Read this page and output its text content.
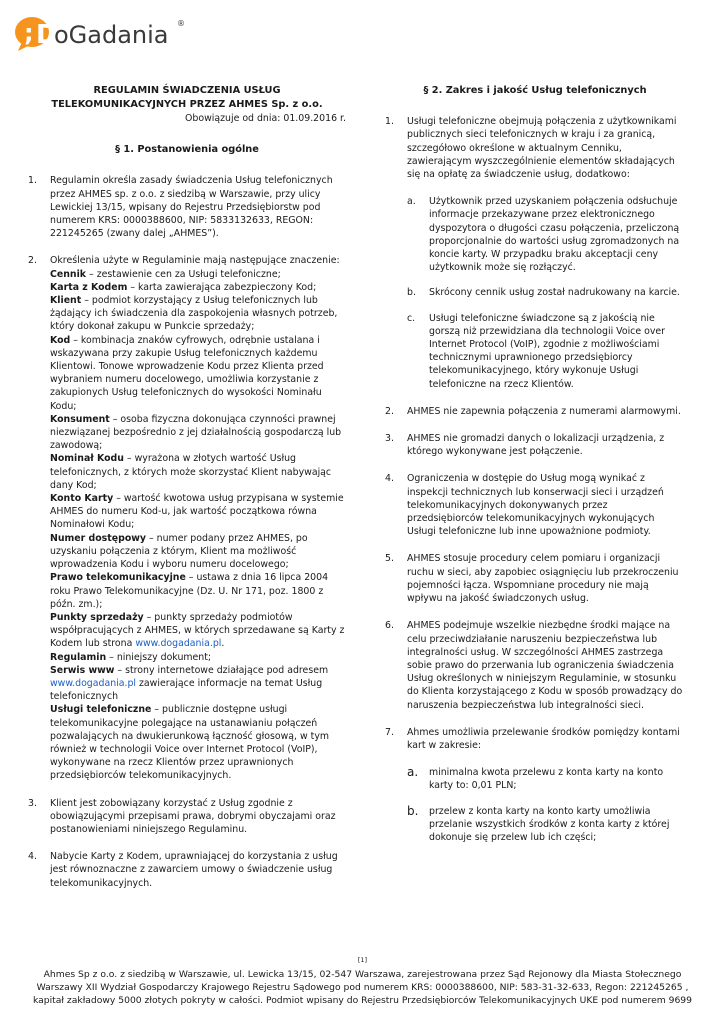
; D
oGadania ®
REGULAMIN ŚWIADCZENIA USŁUG
TELEKOMUNIKACYJNYCH PRZEZ AHMES Sp. z o.o.
Obowiązuje od dnia: 01.09.2016 r.
§ 1. Postanowienia ogólne
1. Regulamin określa zasady świadczenia Usług telefonicznych przez AHMES sp. z o.o. z siedzibą w Warszawie, przy ulicy Lewickiej 13/15, wpisany do Rejestru Przedsiębiorstw pod numerem KRS: 0000388600, NIP: 5833132633, REGON: 221245265 (zwany dalej „AHMES”).
2. Określenia użyte w Regulaminie mają następujące znaczenie:
Cennik – zestawienie cen za Usługi telefoniczne;
Karta z Kodem – karta zawierająca zabezpieczony Kod;
Klient – podmiot korzystający z Usług telefonicznych lub żądający ich świadczenia dla zaspokojenia własnych potrzeb, który dokonał zakupu w Punkcie sprzedaży;
Kod – kombinacja znaków cyfrowych, odrębnie ustalana i wskazywana przy zakupie Usług telefonicznych każdemu Klientowi. Tonowe wprowadzenie Kodu przez Klienta przed wybraniem numeru docelowego, umożliwia korzystanie z zakupionych Usług telefonicznych do wysokości Nominału Kodu;
Konsument – osoba fizyczna dokonująca czynności prawnej niezwiązanej bezpośrednio z jej działalnością gospodarczą lub zawodową;
Nominał Kodu – wyrażona w złotych wartość Usług telefonicznych, z których może skorzystać Klient nabywając dany Kod;
Konto Karty – wartość kwotowa usług przypisana w systemie AHMES do numeru Kod-u, jak wartość początkowa równa Nominałowi Kodu;
Numer dostępowy – numer podany przez AHMES, po uzyskaniu połączenia z którym, Klient ma możliwość wprowadzenia Kodu i wyboru numeru docelowego;
Prawo telekomunikacyjne – ustawa z dnia 16 lipca 2004 roku Prawo Telekomunikacyjne (Dz. U. Nr 171, poz. 1800 z późn. zm.);
Punkty sprzedaży – punkty sprzedaży podmiotów współpracujących z AHMES, w których sprzedawane są Karty z Kodem lub strona www.dogadania.pl.
Regulamin – niniejszy dokument;
Serwis www – strony internetowe działające pod adresem www.dogadania.pl zawierające informacje na temat Usług telefonicznych
Usługi telefoniczne – publicznie dostępne usługi telekomunikacyjne polegające na ustanawianiu połączeń pozwalających na dwukierunkową łączność głosową, w tym również w technologii Voice over Internet Protocol (VoIP), wykonywane na rzecz Klientów przez uprawnionych przedsiębiorców telekomunikacyjnych.
3. Klient jest zobowiązany korzystać z Usług zgodnie z obowiązującymi przepisami prawa, dobrymi obyczajami oraz postanowieniami niniejszego Regulaminu.
4. Nabycie Karty z Kodem, uprawniającej do korzystania z usług jest równoznaczne z zawarciem umowy o świadczenie usług telekomunikacyjnych.
§ 2. Zakres i jakość Usług telefonicznych
1. Usługi telefoniczne obejmują połączenia z użytkownikami publicznych sieci telefonicznych w kraju i za granicą, szczegółowo określone w aktualnym Cenniku, zawierającym wyszczególnienie elementów składających się na opłatę za świadczenie usług, dodatkowo:
a. Użytkownik przed uzyskaniem połączenia odsłuchuje informacje przekazywane przez elektronicznego dyspozytora o długości czasu połączenia, przeliczoną proporcjonalnie do wartości usług zgromadzonych na koncie karty. W przypadku braku akceptacji ceny użytkownik może się rozłączyć.
b. Skrócony cennik usług został nadrukowany na karcie.
c. Usługi telefoniczne świadczone są z jakością nie gorszą niż przewidziana dla technologii Voice over Internet Protocol (VoIP), zgodnie z możliwościami technicznymi uprawnionego przedsiębiorcy telekomunikacyjnego, który wykonuje Usługi telefoniczne na rzecz Klientów.
2. AHMES nie zapewnia połączenia z numerami alarmowymi.
3. AHMES nie gromadzi danych o lokalizacji urządzenia, z którego wykonywane jest połączenie.
4. Ograniczenia w dostępie do Usług mogą wynikać z inspekcji technicznych lub konserwacji sieci i urządzeń telekomunikacyjnych dokonywanych przez przedsiębiorców telekomunikacyjnych wykonujących Usługi telefoniczne lub inne upoważnione podmioty.
5. AHMES stosuje procedury celem pomiaru i organizacji ruchu w sieci, aby zapobiec osiągnięciu lub przekroczeniu pojemności łącza. Wspomniane procedury nie mają wpływu na jakość świadczonych usług.
6. AHMES podejmuje wszelkie niezbędne środki mające na celu przeciwdziałanie naruszeniu bezpieczeństwa lub integralności usług. W szczególności AHMES zastrzega sobie prawo do przerwania lub ograniczenia świadczenia Usług określonych w niniejszym Regulaminie, w stosunku do Klienta korzystającego z Kodu w sposób prowadzący do naruszenia bezpieczeństwa lub integralności sieci.
7. Ahmes umożliwia przelewanie środków pomiędzy kontami kart w zakresie:
a. minimalna kwota przelewu z konta karty na konto karty to: 0,01 PLN;
b. przelew z konta karty na konto karty umożliwia przelanie wszystkich środków z konta karty z której dokonuje się przelew lub ich części;
[1]
Ahmes Sp z o.o. z siedzibą w Warszawie, ul. Lewicka 13/15, 02-547 Warszawa, zarejestrowana przez Sąd Rejonowy dla Miasta Stołecznego
Warszawy XII Wydział Gospodarczy Krajowego Rejestru Sądowego pod numerem KRS: 0000388600, NIP: 583-31-32-633, Regon: 221245265 ,
kapitał zakładowy 5000 złotych pokryty w całości. Podmiot wpisany do Rejestru Przedsiębiorców Telekomunikacyjnych UKE pod numerem 9699
